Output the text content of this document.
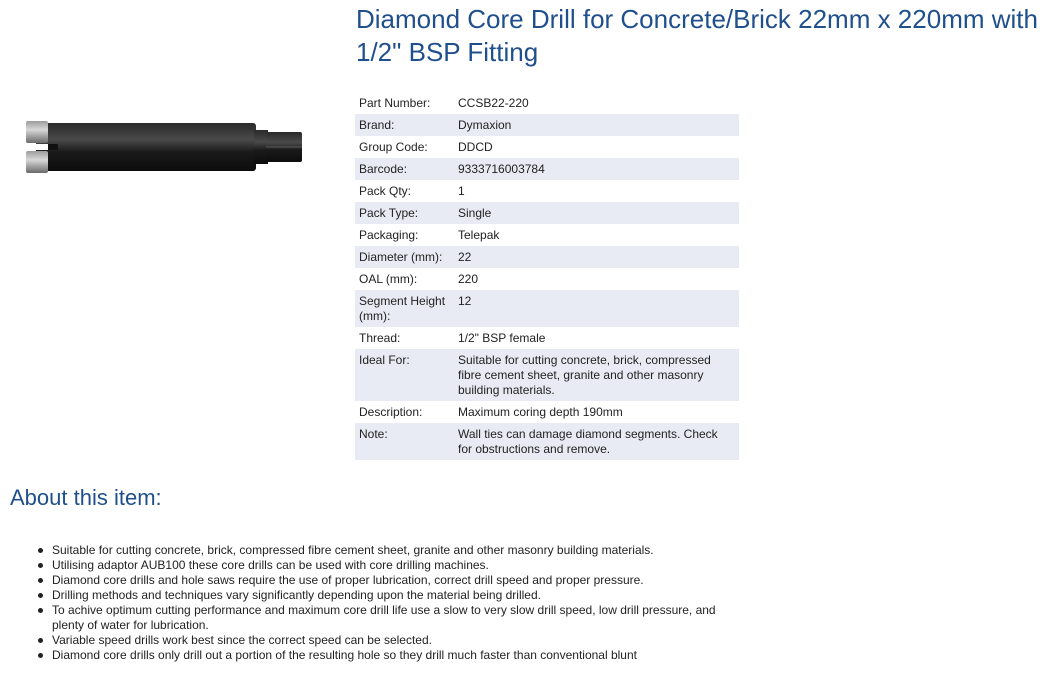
Diamond Core Drill for Concrete/Brick 22mm x 220mm with 1/2" BSP Fitting
Part Number:	CCSB22-220
Brand:	Dymaxion
Group Code:	DDCD
Barcode:	9333716003784
Pack Qty:	1
Pack Type:	Single
Packaging:	Telepak
Diameter (mm):	22
OAL (mm):	220
Segment Height (mm):	12
Thread:	1/2" BSP female
Ideal For:	Suitable for cutting concrete, brick, compressed fibre cement sheet, granite and other masonry building materials.
Description:	Maximum coring depth 190mm
Note:	Wall ties can damage diamond segments. Check for obstructions and remove.
About this item:
Suitable for cutting concrete, brick, compressed fibre cement sheet, granite and other masonry building materials.
Utilising adaptor AUB100 these core drills can be used with core drilling machines.
Diamond core drills and hole saws require the use of proper lubrication, correct drill speed and proper pressure.
Drilling methods and techniques vary significantly depending upon the material being drilled.
To achive optimum cutting performance and maximum core drill life use a slow to very slow drill speed, low drill pressure, and plenty of water for lubrication.
Variable speed drills work best since the correct speed can be selected.
Diamond core drills only drill out a portion of the resulting hole so they drill much faster than conventional blunt
